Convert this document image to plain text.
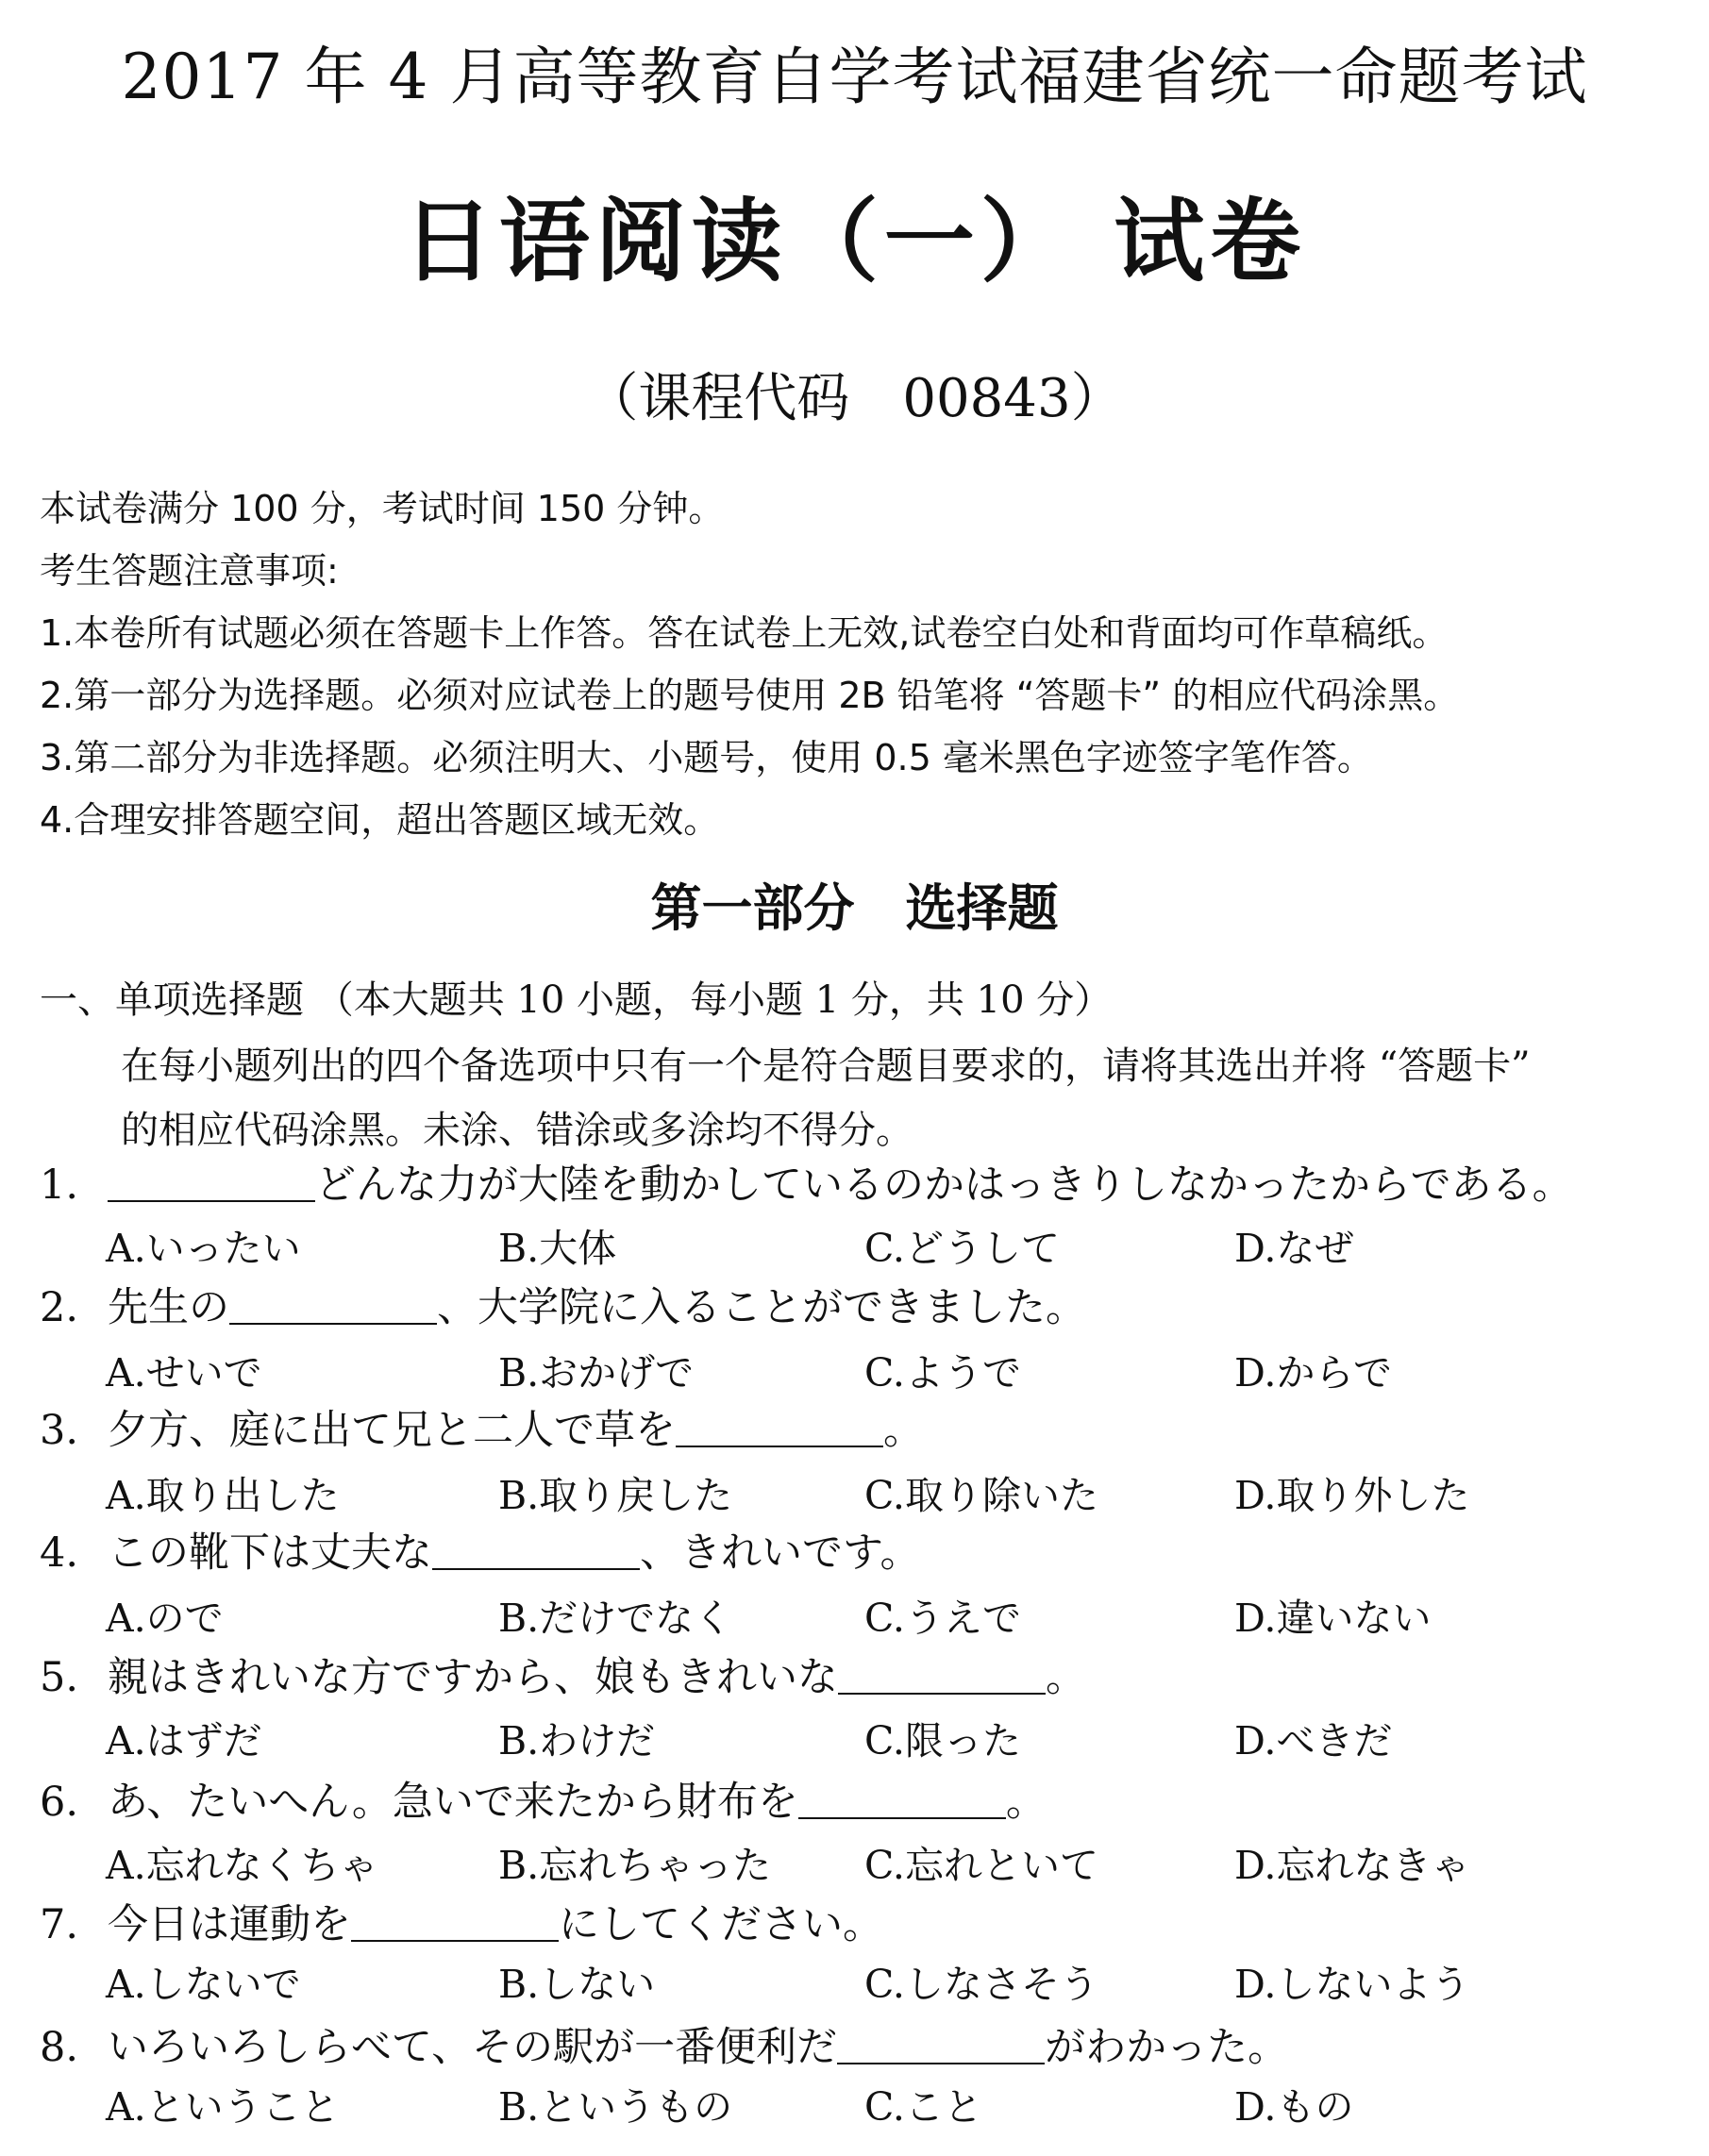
2017 年 4 月高等教育自学考试福建省统一命题考试
日语阅读（一） 试卷
（课程代码　00843）
本试卷满分 100 分，考试时间 150 分钟。
考生答题注意事项:
1.本卷所有试题必须在答题卡上作答。答在试卷上无效,试卷空白处和背面均可作草稿纸。
2.第一部分为选择题。必须对应试卷上的题号使用 2B 铅笔将 “答题卡” 的相应代码涂黑。
3.第二部分为非选择题。必须注明大、小题号，使用 0.5 毫米黑色字迹签字笔作答。
4.合理安排答题空间，超出答题区域无效。
第一部分　选择题
一、单项选择题 （本大题共 10 小题，每小题 1 分，共 10 分）
在每小题列出的四个备选项中只有一个是符合题目要求的，请将其选出并将 “答题卡”
的相应代码涂黑。未涂、错涂或多涂均不得分。
1.	どんな力が大陸を動かしているのかはっきりしなかったからである。
A.いったい	B.大体	C.どうして	D.なぜ
2. 先生の	、大学院に入ることができました。
A.せいで	B.おかげで	C.ようで	D.からで
3. 夕方、庭に出て兄と二人で草を	。
A.取り出した	B.取り戻した	C.取り除いた	D.取り外した
4. この靴下は丈夫な	、きれいです。
A.ので	B.だけでなく	C.うえで	D.違いない
5. 親はきれいな方ですから、娘もきれいな	。
A.はずだ	B.わけだ	C.限った	D.べきだ
6. あ、たいへん。急いで来たから財布を	。
A.忘れなくちゃ	B.忘れちゃった C.忘れといて	D.忘れなきゃ
7. 今日は運動を	にしてください。
A.しないで	B.しない	C.しなさそう	D.しないよう
8. いろいろしらべて、その駅が一番便利だ	がわかった。
A.ということ	B.というもの	C.こと	D.もの
